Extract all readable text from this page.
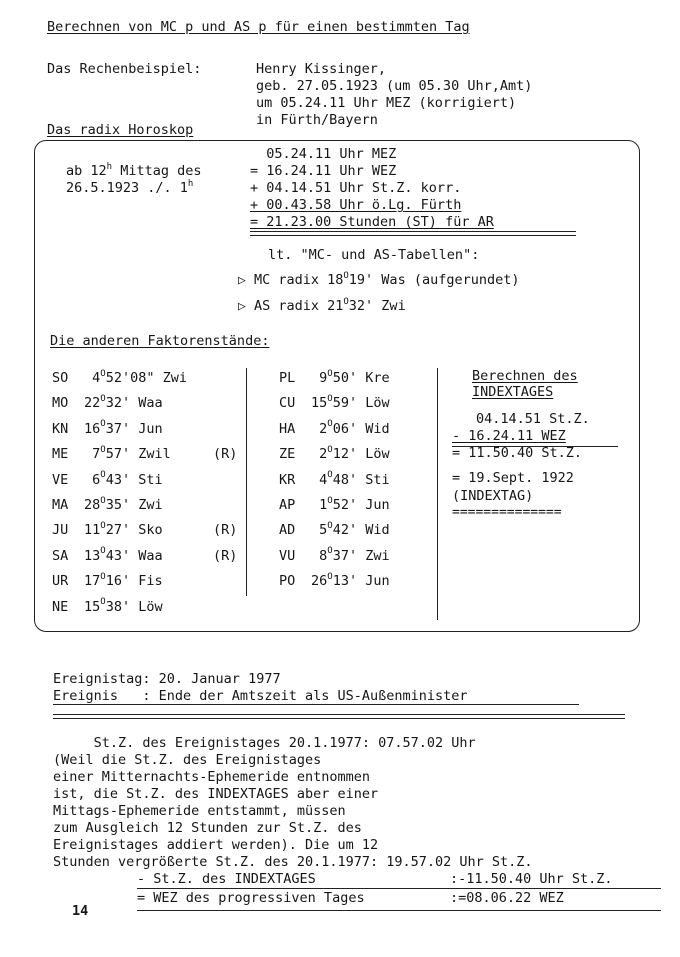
Berechnen von MC p und AS p für einen bestimmten Tag
Das Rechenbeispiel:	Henry Kissinger,
geb. 27.05.1923 (um 05.30 Uhr,Amt)
um 05.24.11 Uhr MEZ (korrigiert)
in Fürth/Bayern
Das radix Horoskop
ab 12$^h$ Mittag des
26.5.1923 ./. 1$^h$
05.24.11 Uhr MEZ
= 16.24.11 Uhr WEZ
+ 04.14.51 Uhr St.Z. korr.
+ 00.43.58 Uhr ö.Lg. Fürth
= 21.23.00 Stunden (ST) für AR
lt. "MC- und AS-Tabellen":
▷ MC radix $18^O19'$ Was (aufgerundet)
▷ AS radix $21^O32'$ Zwi
Die anderen Faktorenstände:
SO $4^O52'08$" Zwi
MO $22^O32'$ Waa
KN $16^O37'$ Jun
ME $7^O57'$ Zwil	(R)
VE $6^O43'$ Sti
MA $28^O35'$ Zwi
JU $11^O27'$ Sko	(R)
SA $13^O43'$ Waa	(R)
UR $17^O16'$ Fis
NE $15^O38'$ Löw
PL $9^O50'$ Kre
CU $15^O59'$ Löw
HA $2^O06'$ Wid
ZE $2^O12'$ Löw
KR $4^O48'$ Sti
AP $1^O52'$ Jun
AD $5^O42'$ Wid
VU $8^O37'$ Zwi
PO $26^O13'$ Jun
Berechnen des
INDEXTAGES
04.14.51 St.Z.
- 16.24.11 WEZ
= 11.50.40 St.Z.
= 19.Sept. 1922
(INDEXTAG)
==============
Ereignistag: 20. Januar 1977
Ereignis   : Ende der Amtszeit als US-Außenminister
St.Z. des Ereignistages 20.1.1977: 07.57.02 Uhr
(Weil die St.Z. des Ereignistages
einer Mitternachts-Ephemeride entnommen
ist, die St.Z. des INDEXTAGES aber einer
Mittags-Ephemeride entstammt, müssen
zum Ausgleich 12 Stunden zur St.Z. des
Ereignistages addiert werden). Die um 12
Stunden vergrößerte St.Z. des 20.1.1977: 19.57.02 Uhr St.Z.
- St.Z. des INDEXTAGES	:-11.50.40 Uhr St.Z.
= WEZ des progressiven Tages	:=08.06.22 WEZ
14
